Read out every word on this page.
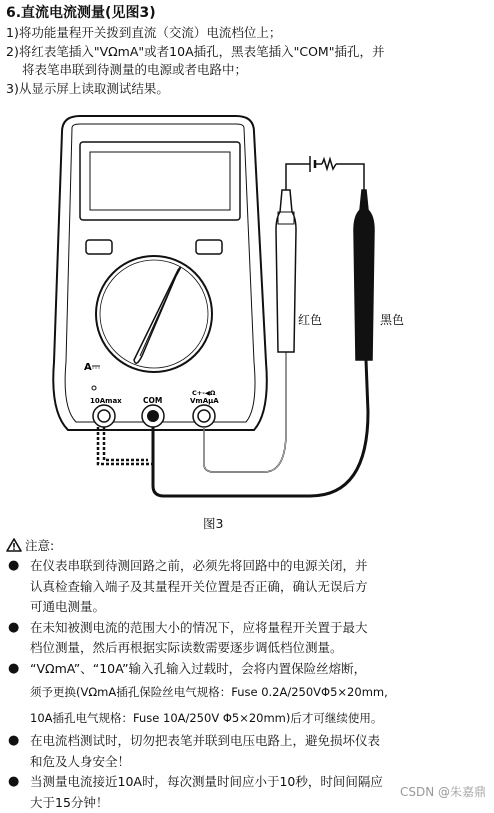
6.直流电流测量(见图3)
1)将功能量程开关拨到直流（交流）电流档位上；
2)将红表笔插入"VΩmA"或者10A插孔，黑表笔插入"COM"插孔，并
将表笔串联到待测量的电源或者电路中；
3)从显示屏上读取测试结果。
A
10Amax	COM
C+-◀Ω
VmAμA
红色	黑色
图3
注意:
● 在仪表串联到待测回路之前，必须先将回路中的电源关闭，并
认真检查输入端子及其量程开关位置是否正确，确认无误后方
可通电测量。
● 在未知被测电流的范围大小的情况下，应将量程开关置于最大
档位测量，然后再根据实际读数需要逐步调低档位测量。
● “VΩmA”、“10A”输入孔输入过载时，会将内置保险丝熔断，
须予更换(VΩmA插孔保险丝电气规格：Fuse 0.2A/250VΦ5×20mm,
10A插孔电气规格：Fuse 10A/250V Φ5×20mm)后才可继续使用。
● 在电流档测试时，切勿把表笔并联到电压电路上，避免损坏仪表
和危及人身安全！
● 当测量电流接近10A时，每次测量时间应小于10秒，时间间隔应
大于15分钟！
CSDN @朱嘉鼎
